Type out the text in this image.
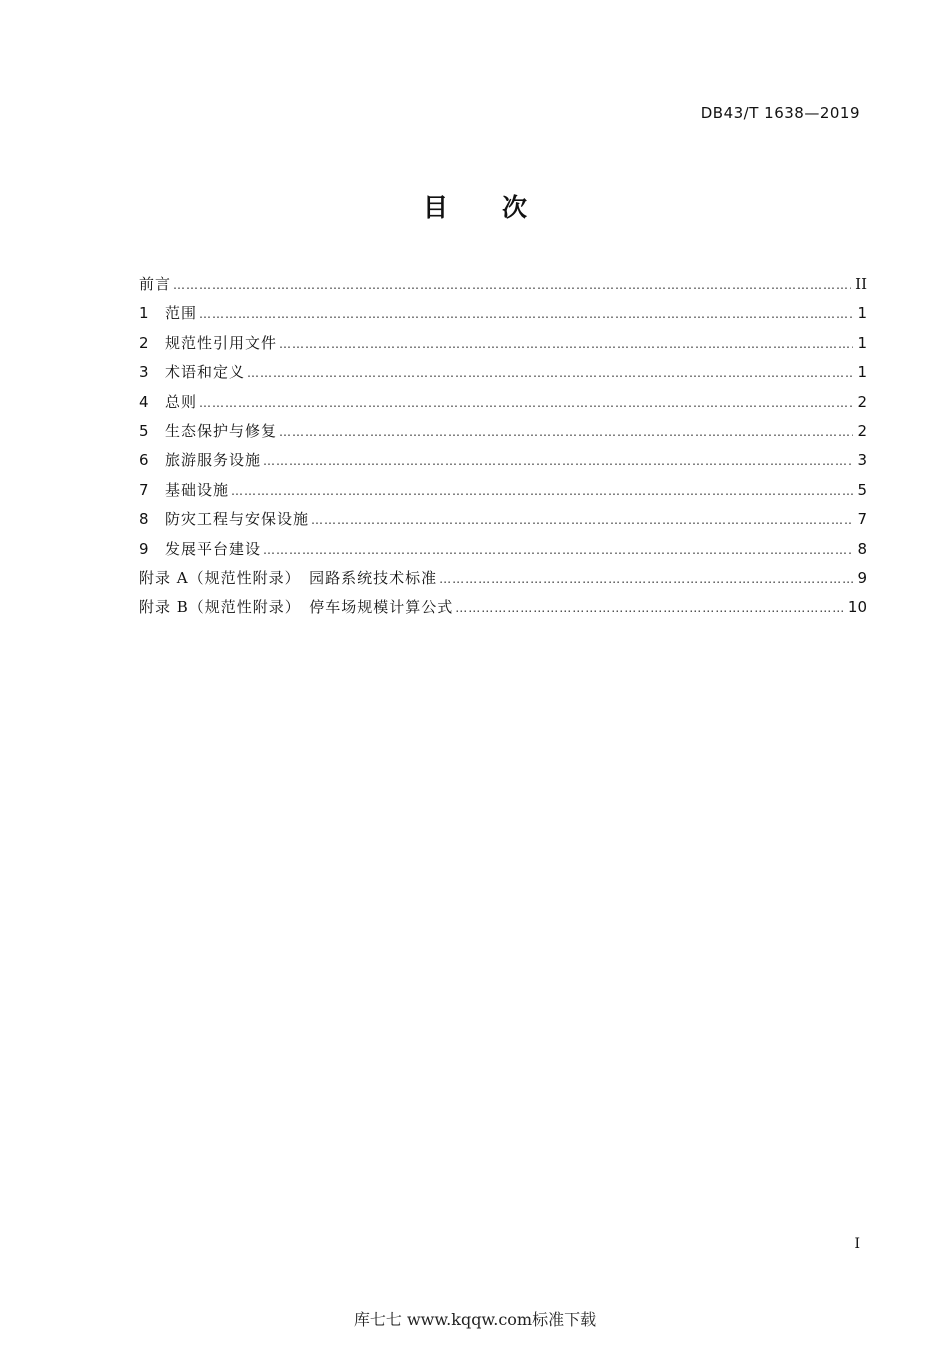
DB43/T 1638—2019
目次
前言 …………………………………………………………………………………………………………………………………………………………………………………………………………………………	II
1	范围 …………………………………………………………………………………………………………………………………………………………………………………………………………………………	1
2	规范性引用文件 …………………………………………………………………………………………………………………………………………………………………………………………………………………………	1
3	术语和定义 …………………………………………………………………………………………………………………………………………………………………………………………………………………………	1
4	总则 …………………………………………………………………………………………………………………………………………………………………………………………………………………………	2
5	生态保护与修复 …………………………………………………………………………………………………………………………………………………………………………………………………………………………	2
6	旅游服务设施 …………………………………………………………………………………………………………………………………………………………………………………………………………………………	3
7	基础设施 …………………………………………………………………………………………………………………………………………………………………………………………………………………………	5
8	防灾工程与安保设施 …………………………………………………………………………………………………………………………………………………………………………………………………………………………	7
9	发展平台建设 …………………………………………………………………………………………………………………………………………………………………………………………………………………………	8
附录 A（规范性附录）　园路系统技术标准 …………………………………………………………………………………………………………………………………………………………………………………………………………………………	9
附录 B（规范性附录）　停车场规模计算公式 …………………………………………………………………………………………………………………………………………………………………………………………………………………………	10
I
库七七 www.kqqw.com标准下载
